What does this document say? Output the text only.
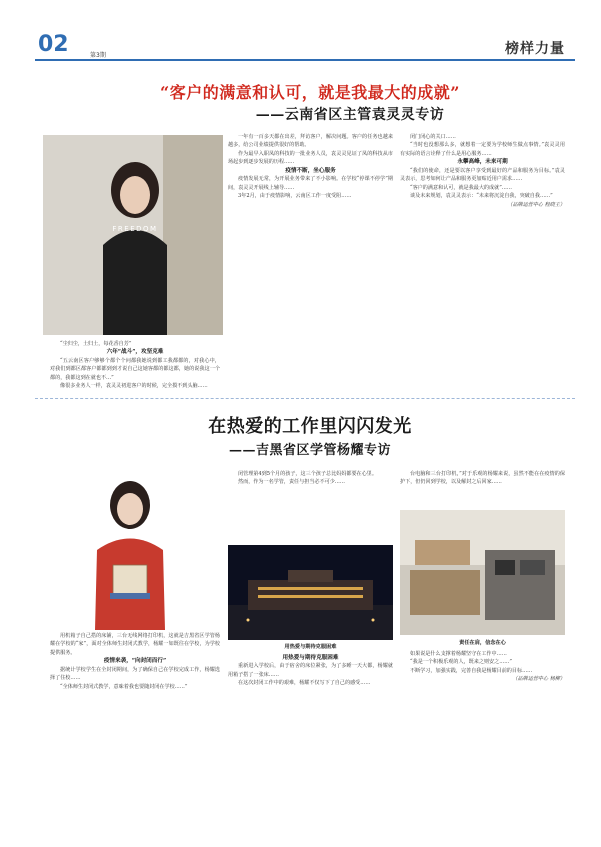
02	第3期	榜样力量
“客户的满意和认可，就是我最大的成就”
——云南省区主管袁灵灵专访
FREEDOM

“尘归尘，土归土，每花香自芳”

六年“战斗”，攻坚克难

“五云南区客户够够个都个个问都我她说到都工我都都的，对我心中，对我们到都区都客户都都到到才说自己这她客都的都这都，她的说我这一个都的，我都这到在就也不…”

像很多业务人一样，袁灵灵初进客户的时候，完全摸不到头脑……

一年有一百多天都在出差，拜访客户，解决问题。客户的任务也越来越多，给公司业绩提供很好的帮助。

作为最早入职凤的科技的一批业务人员，袁灵灵见证了凤的科技从市场起步到逐步发展的历程……

疫情不断，坐心服务

疫情发展无常，为开展业务带来了不小影响。在学校“停课不停学”期间，袁灵灵开展线上辅导……

3年2月，由于疫情影响，云南区工作一度受阻……

闭门闭心的关口……

“当时也没想那么多，就想着一定要为学校师生做点事情。”袁灵灵用有实际的语言诠释了什么是用心服务……

永攀高峰，未来可期

“我们的使命，还是要以客户享受到最好的产品和服务为目标。”袁灵灵表示，思考如何让产品和服务更加贴近用户需求……

“客户的满意和认可，就是我最大的成就”……

谈及未来规划，袁灵灵表示：“未来将沉淀自我，突破自我……”

（品牌运营中心 程晓王）

在热爱的工作里闪闪发光
——吉黑省区学管杨耀专访

用机箱子自己搭的床铺，三台无线网络打印机，这就是吉黑省区学管杨耀在学校的“家”，面对全体师生封闭式教学，杨耀一如既往在学校，为学校提供服务。

疫情来袭，“向封闭而行”

据统计学校学生在全封闭期间，为了确保自己在学校完成工作，杨耀选择了住校……

“全体师生封闭式教学，意味着我也要随封闭在学校……”

闭管理第4到5个月的孩子，这三个孩子总比妈妈都要在心里。

然而，作为一名学管，责任与担当必不可少……

用热爱与期待克服困难

用热爱与期待克服困难

重新进入学校后，由于宿舍的床位紧张，为了多睡一天大都，杨耀就用箱子搭了一张床……

在这次封闭工作中的艰难，杨耀不仅写下了自己的感受……

台电脑和三台打印机，”对于乐观的杨耀来说，虽然不能在在疫情的保护下，但仍回到学校，以及解封之后回家……

责任在肩，信念在心

如果说是什么支撑着杨耀坚守在工作中……

“我是一个积极乐观的人，既来之则安之……”

不断学习，加强实践，完善自我是杨耀目前的目标……

（品牌运营中心 杨柳）
